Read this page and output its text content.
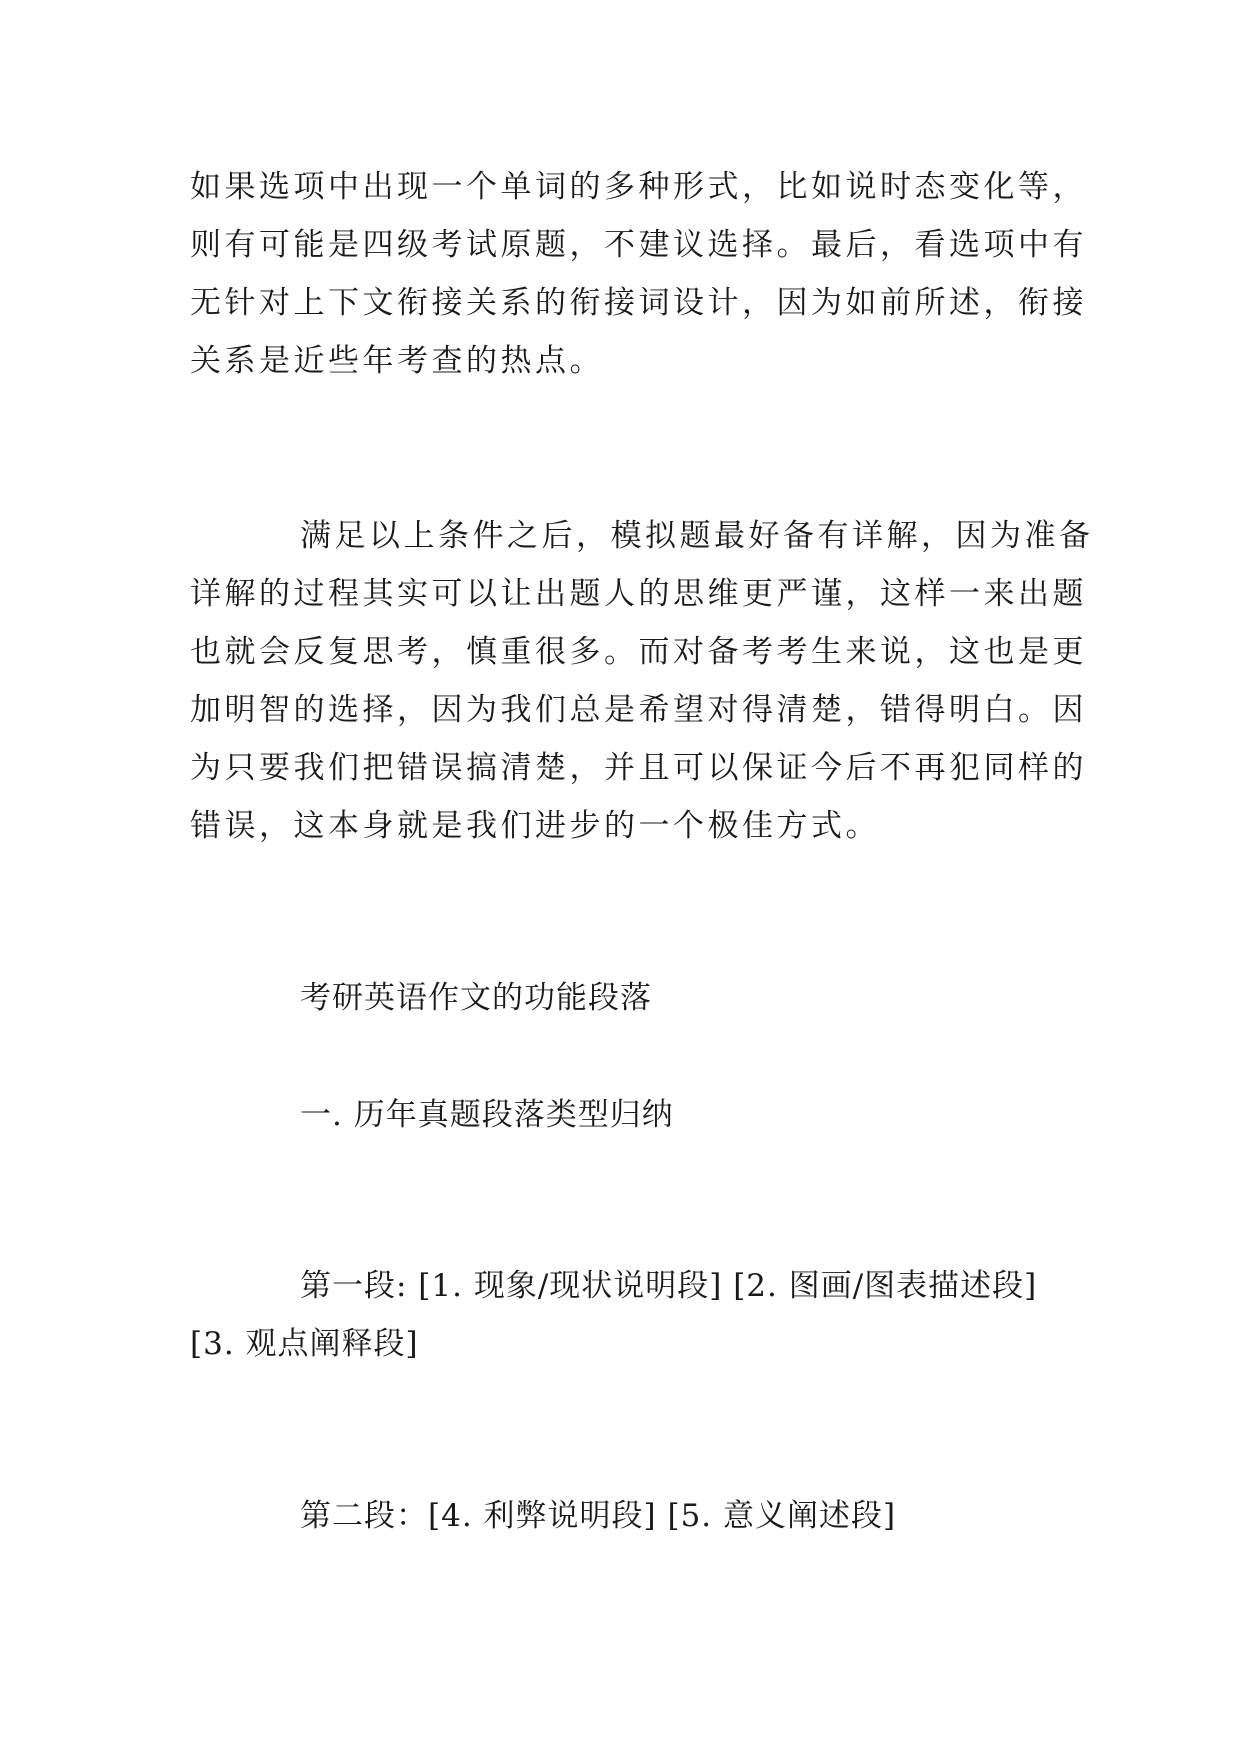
如果选项中出现一个单词的多种形式，比如说时态变化等，
则有可能是四级考试原题，不建议选择。最后，看选项中有
无针对上下文衔接关系的衔接词设计，因为如前所述，衔接
关系是近些年考查的热点。
满足以上条件之后，模拟题最好备有详解，因为准备
详解的过程其实可以让出题人的思维更严谨，这样一来出题
也就会反复思考，慎重很多。而对备考考生来说，这也是更
加明智的选择，因为我们总是希望对得清楚，错得明白。因
为只要我们把错误搞清楚，并且可以保证今后不再犯同样的
错误，这本身就是我们进步的一个极佳方式。
考研英语作文的功能段落
一. 历年真题段落类型归纳
第一段: [1. 现象/现状说明段] [2. 图画/图表描述段]
[3. 观点阐释段]
第二段：[4. 利弊说明段] [5. 意义阐述段]
